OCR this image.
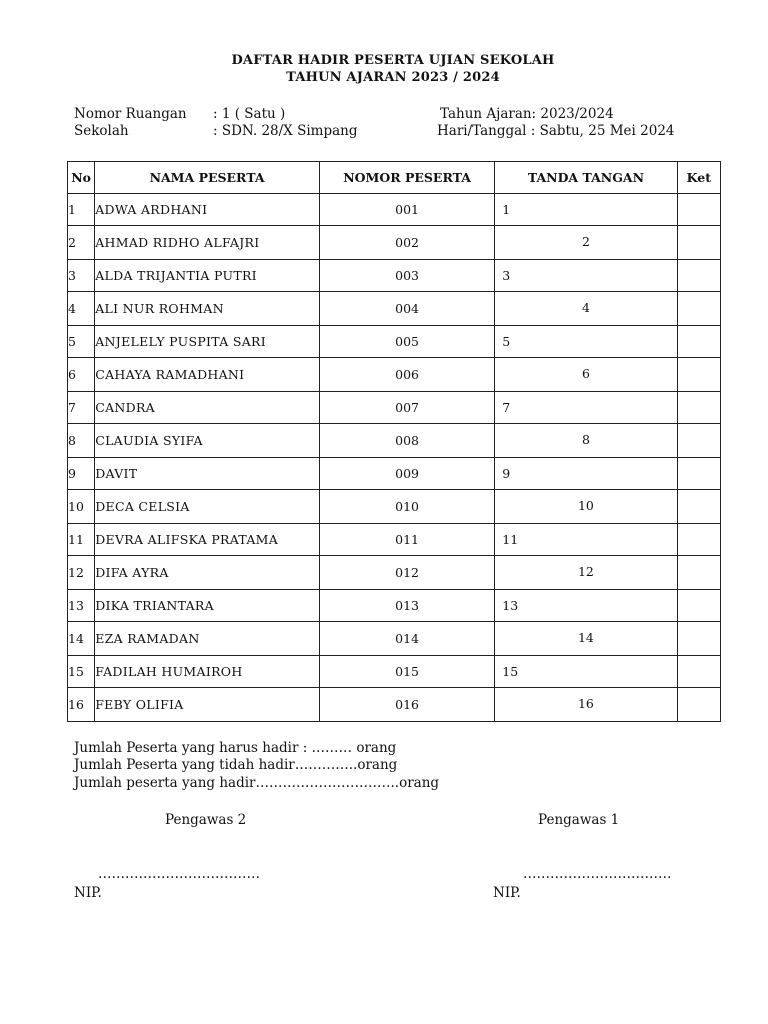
DAFTAR HADIR PESERTA UJIAN SEKOLAH
TAHUN AJARAN 2023 / 2024
Nomor Ruangan : 1 ( Satu )	Tahun Ajaran: 2023/2024
Sekolah	: SDN. 28/X Simpang	Hari/Tanggal : Sabtu, 25 Mei 2024
No	NAMA PESERTA	NOMOR PESERTA	TANDA TANGAN	Ket
1	ADWA ARDHANI	001	1	
2	AHMAD RIDHO ALFAJRI	002	2	
3	ALDA TRIJANTIA PUTRI	003	3	
4	ALI NUR ROHMAN	004	4	
5	ANJELELY PUSPITA SARI	005	5	
6	CAHAYA RAMADHANI	006	6	
7	CANDRA	007	7	
8	CLAUDIA SYIFA	008	8	
9	DAVIT	009	9	
10	DECA CELSIA	010	10	
11	DEVRA ALIFSKA PRATAMA	011	11	
12	DIFA AYRA	012	12	
13	DIKA TRIANTARA	013	13	
14	EZA RAMADAN	014	14	
15	FADILAH HUMAIROH	015	15	
16	FEBY OLIFIA	016	16	
Jumlah Peserta yang harus hadir : ……… orang
Jumlah Peserta yang tidah hadir…………..orang
Jumlah peserta yang hadir…………………………..orang
Pengawas 2	Pengawas 1
………………………………	……………………………
NIP.	NIP.
